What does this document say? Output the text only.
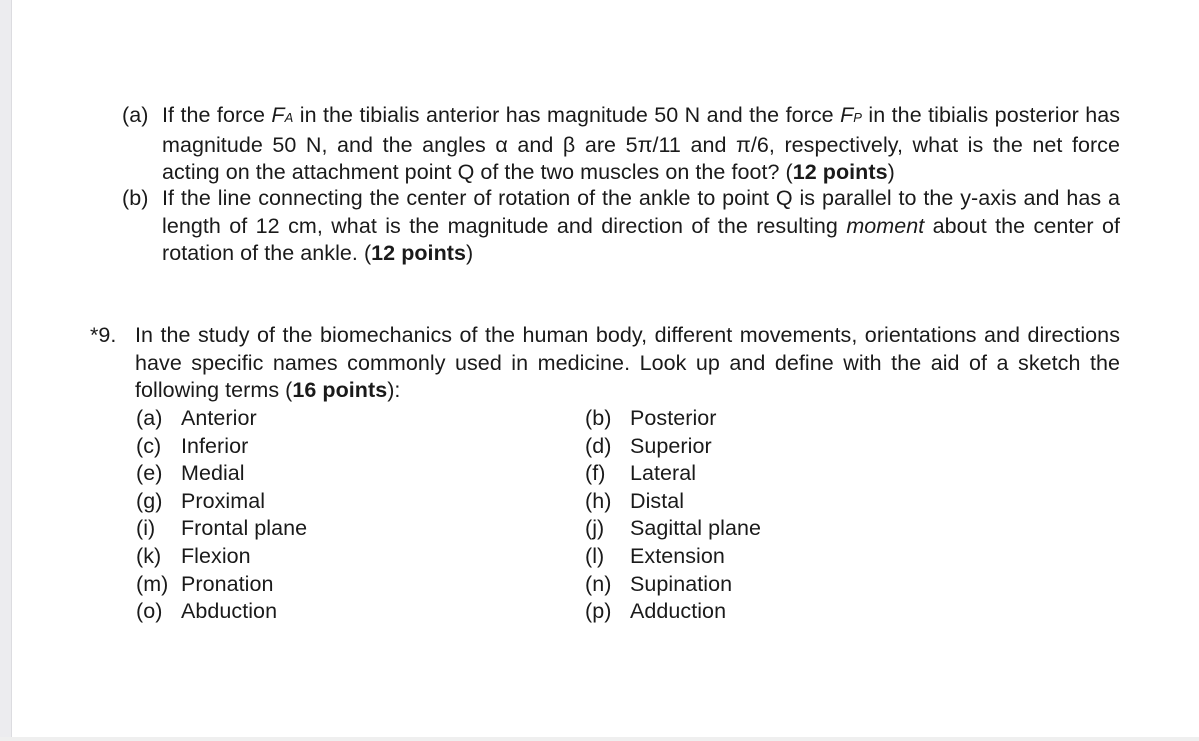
(a) If the force FA in the tibialis anterior has magnitude 50 N and the force FP in the tibialis posterior has magnitude 50 N, and the angles α and β are 5π/11 and π/6, respectively, what is the net force acting on the attachment point Q of the two muscles on the foot? (12 points)
(b) If the line connecting the center of rotation of the ankle to point Q is parallel to the y-axis and has a length of 12 cm, what is the magnitude and direction of the resulting moment about the center of rotation of the ankle. (12 points)
*9. In the study of the biomechanics of the human body, different movements, orientations and directions have specific names commonly used in medicine. Look up and define with the aid of a sketch the following terms (16 points):
(a) Anterior	(b) Posterior
(c) Inferior	(d) Superior
(e) Medial	(f) Lateral
(g) Proximal	(h) Distal
(i) Frontal plane	(j) Sagittal plane
(k) Flexion	(l) Extension
(m) Pronation	(n) Supination
(o) Abduction	(p) Adduction
